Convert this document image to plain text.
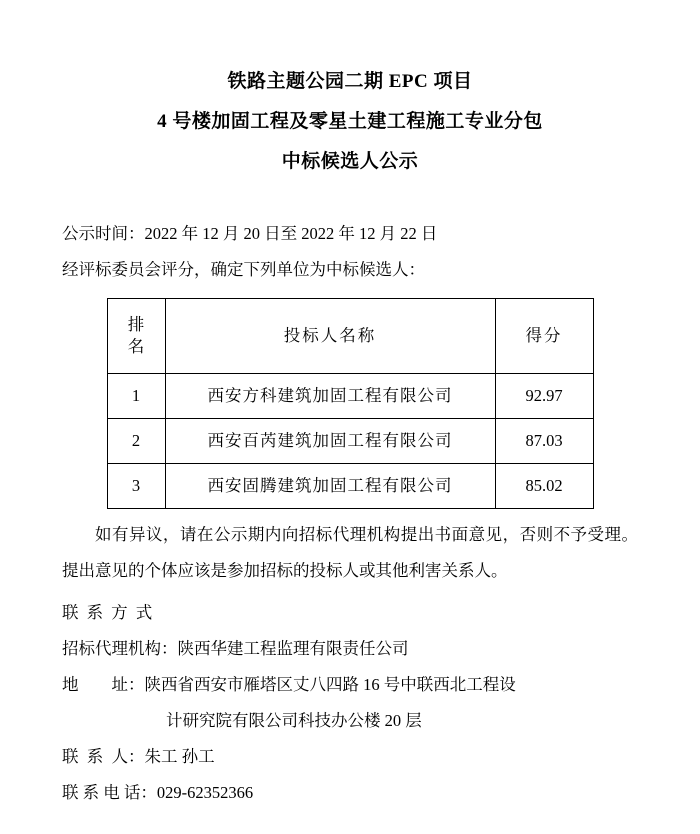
铁路主题公园二期 EPC 项目
4 号楼加固工程及零星土建工程施工专业分包
中标候选人公示
公示时间：2022 年 12 月 20 日至 2022 年 12 月 22 日
经评标委员会评分，确定下列单位为中标候选人：
排
名	投标人名称	得分
1	西安方科建筑加固工程有限公司	92.97
2	西安百芮建筑加固工程有限公司	87.03
3	西安固腾建筑加固工程有限公司	85.02
如有异议，请在公示期内向招标代理机构提出书面意见，否则不予受理。提出意见的个体应该是参加招标的投标人或其他利害关系人。
联 系 方 式
招标代理机构： 陕西华建工程监理有限责任公司
地        址： 陕西省西安市雁塔区丈八四路 16 号中联西北工程设
计研究院有限公司科技办公楼 20 层
联  系  人： 朱工 孙工
联 系 电 话： 029-62352366
